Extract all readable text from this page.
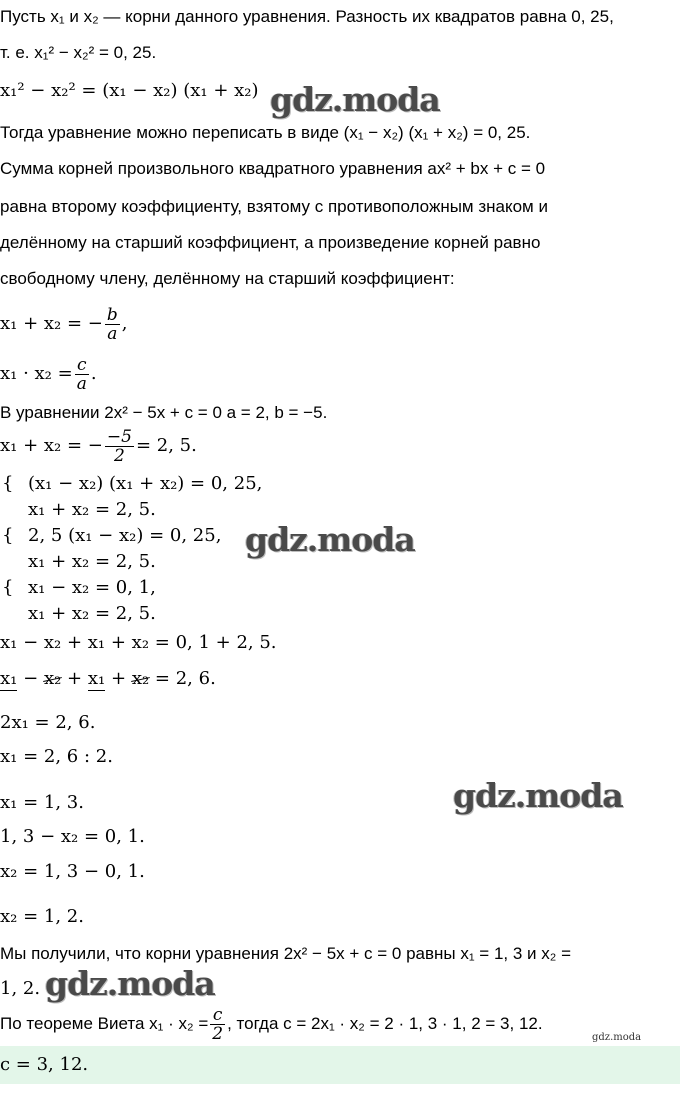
Пусть x₁ и x₂ — корни данного уравнения. Разность их квадратов равна 0, 25,
т. е. x₁² − x₂² = 0, 25.
x₁² − x₂² = (x₁ − x₂) (x₁ + x₂)
Тогда уравнение можно переписать в виде (x₁ − x₂) (x₁ + x₂) = 0, 25.
Сумма корней произвольного квадратного уравнения ax² + bx + c = 0
равна второму коэффициенту, взятому с противоположным знаком и
делённому на старший коэффициент, а произведение корней равно
свободному члену, делённому на старший коэффициент:
x₁ + x₂ = − $\frac{b}{a}$ ,
$x_1 \cdot x_2 = \frac{c}{a}$ .
В уравнении 2x² − 5x + c = 0 a = 2, b = −5.
x₁ + x₂ = − $\frac{-5}{2} = 2$, 5.
{ (x₁ − x₂) (x₁ + x₂) = 0, 25,
x₁ + x₂ = 2, 5.
{ 2, 5 (x₁ − x₂) = 0, 25,
x₁ + x₂ = 2, 5.
{ x₁ − x₂ = 0, 1,
x₁ + x₂ = 2, 5.
x₁ − x₂ + x₁ + x₂ = 0, 1 + 2, 5.
x₁ − x₂ + x₁ + x₂ = 2, 6.
2x₁ = 2, 6.
x₁ = 2, 6 : 2.
x₁ = 1, 3.
1, 3 − x₂ = 0, 1.
x₂ = 1, 3 − 0, 1.
x₂ = 1, 2.
Мы получили, что корни уравнения 2x² − 5x + c = 0 равны x₁ = 1, 3 и x₂ =
1, 2.
По теореме Виета $x_1 \cdot x_2 = \frac{c}{2}$ , тогда c = 2x₁ · x₂ = 2 · 1, 3 · 1, 2 = 3, 12.
c = 3, 12.
gdz.moda
gdz.moda
gdz.moda
gdz.moda
gdz.moda
